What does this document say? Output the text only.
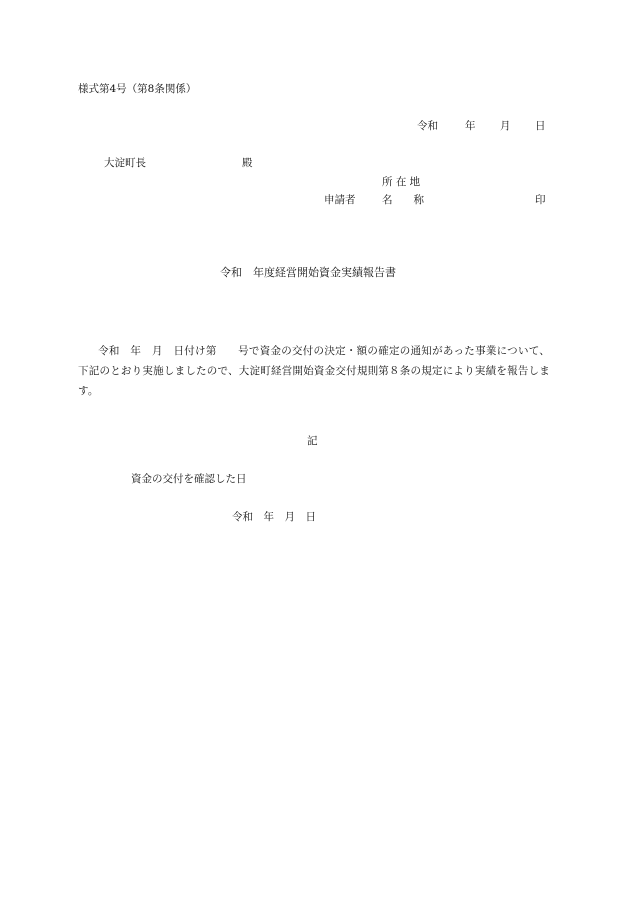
様式第4号（第8条関係）
令和	年 月 日
大淀町長	殿
所 在 地
申請者	名　　称	印
令和　年度経営開始資金実績報告書
令和　年　月　日付け第　　号で資金の交付の決定・額の確定の通知があった事業について、下記のとおり実施しましたので、大淀町経営開始資金交付規則第８条の規定により実績を報告します。
記
資金の交付を確認した日
令和　年　月　日
